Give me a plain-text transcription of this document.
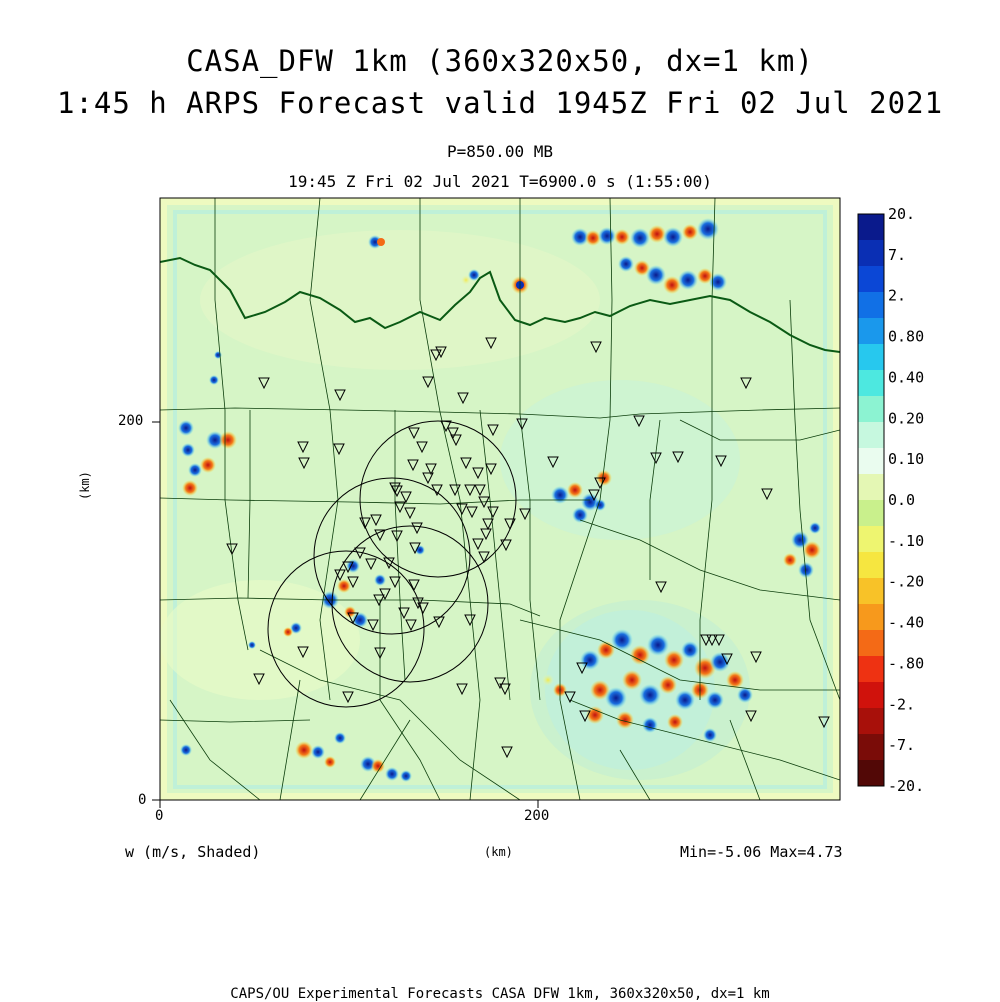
20.
7.
2.
0.80
0.40
0.20
0.10
0.0
-.10
-.20
-.40
-.80
-2.
-7.
-20.
CASA_DFW 1km (360x320x50, dx=1 km)
1:45 h ARPS Forecast valid 1945Z Fri 02 Jul 2021
P=850.00 MB
19:45 Z Fri 02 Jul 2021 T=6900.0 s (1:55:00)
200
0
0	200
(km)
(km)
w (m/s, Shaded)	Min=-5.06 Max=4.73
CAPS/OU Experimental Forecasts CASA DFW 1km, 360x320x50, dx=1 km
